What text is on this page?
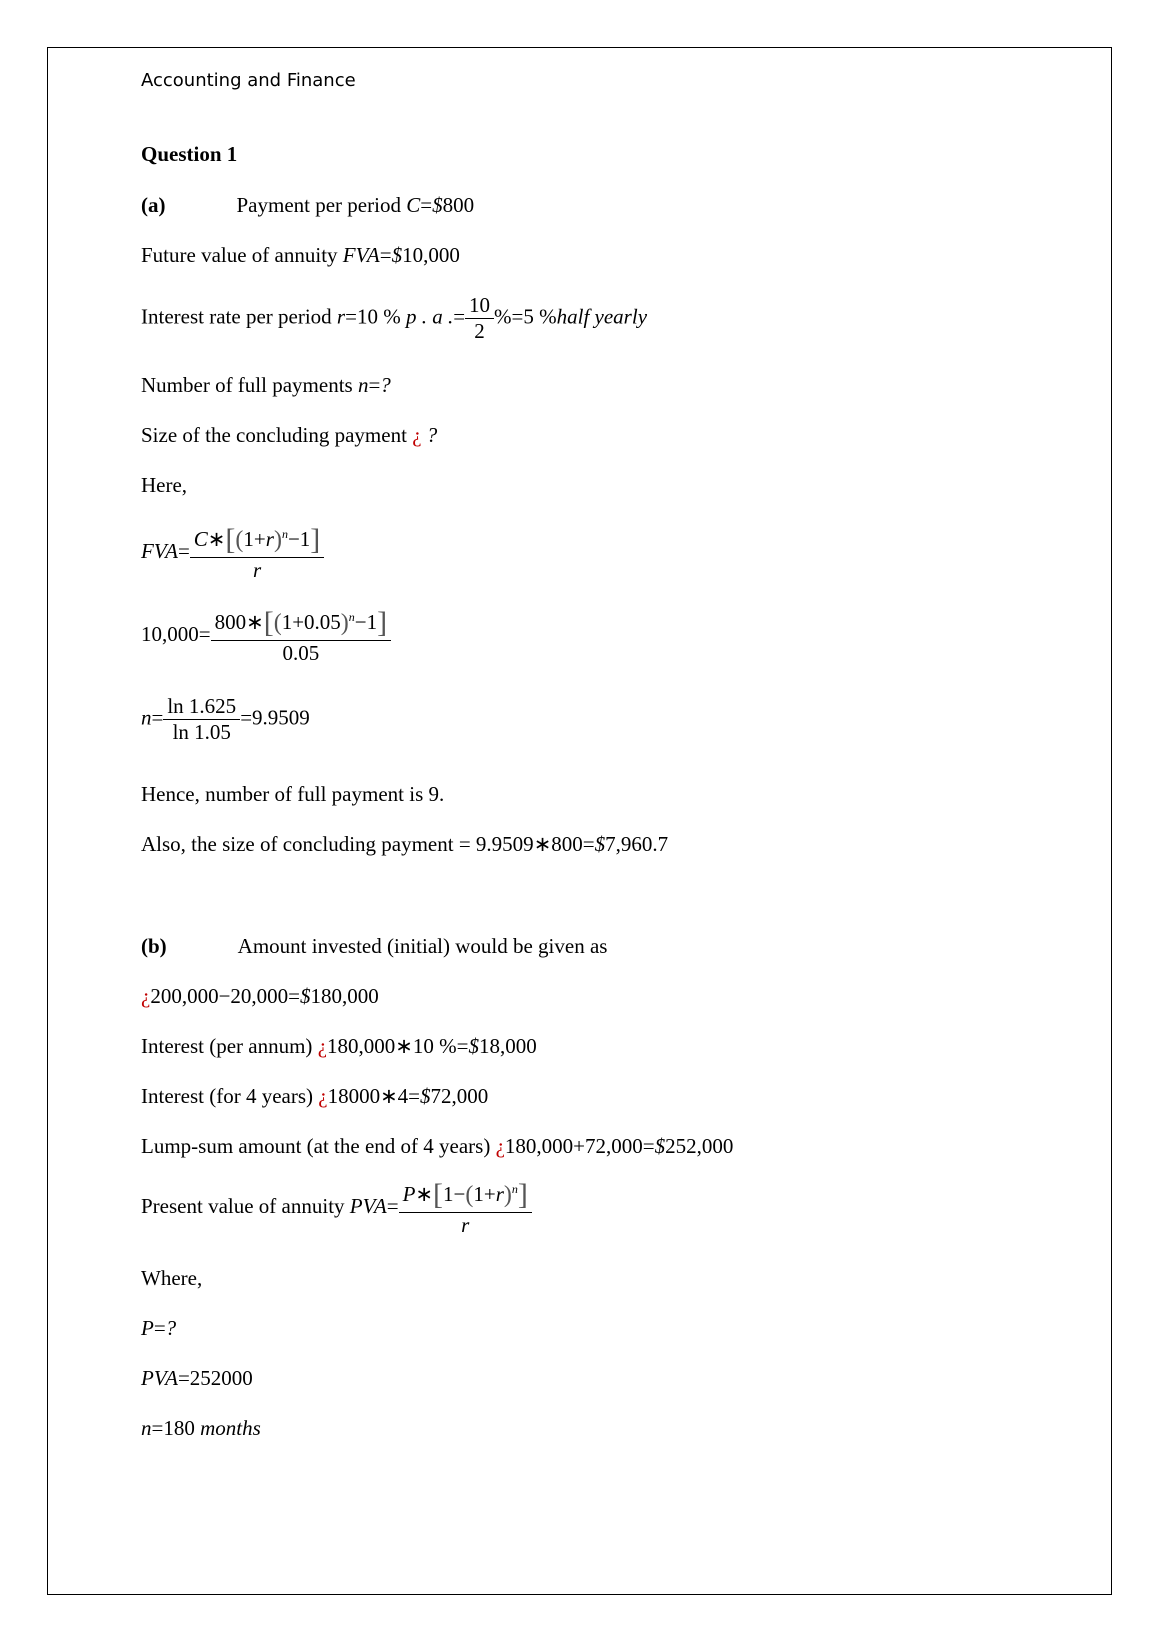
Accounting and Finance
Question 1
(a)	Payment per period C=$800
Future value of annuity FVA=$10,000
Interest rate per period r=10 % p . a .= $\frac{10}{2} \%=5$ %half yearly
Number of full payments n=?
Size of the concluding payment ¿ ?
Here,
$FVA= \frac{C∗[(1+r)^n-1]}{r}$
$10,000= \frac{800∗[(1+0.05)^n-1]}{0.05}$
$n= \frac{\ln 1.625}{\ln 1.05} =9.9509$
Hence, number of full payment is 9.
Also, the size of concluding payment = 9.9509∗800=$7,960.7
(b)	Amount invested (initial) would be given as
¿200,000−20,000=$180,000
Interest (per annum) ¿180,000∗10 %=$18,000
Interest (for 4 years) ¿18000∗4=$72,000
Lump-sum amount (at the end of 4 years) ¿180,000+72,000=$252,000
Present value of annuity $PVA= \frac{P∗[1-(1+r)^n]}{r}$
Where,
P=?
PVA=252000
n=180 months
